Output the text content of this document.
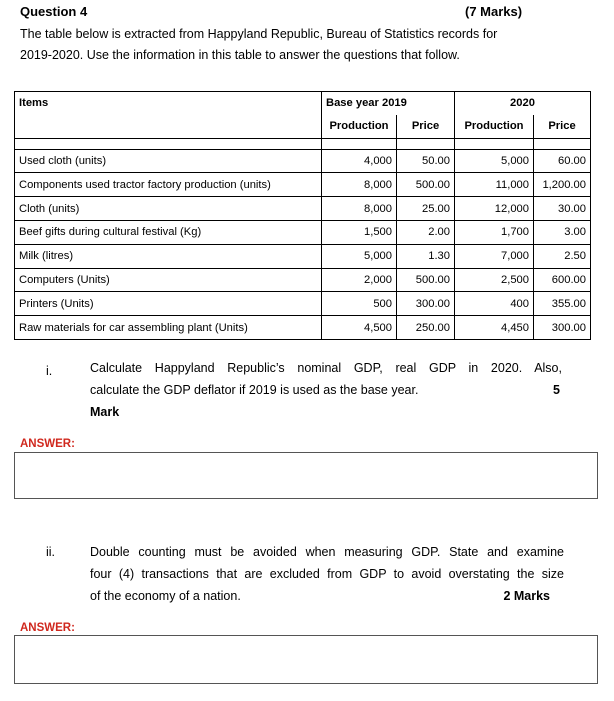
Question 4	(7 Marks)
The table below is extracted from Happyland Republic, Bureau of Statistics records for
2019-2020. Use the information in this table to answer the questions that follow.
Items	Base year 2019		2020	
	Production	Price	Production	Price

Used cloth (units)	4,000	50.00	5,000	60.00
Components used tractor factory production (units)	8,000	500.00	11,000	1,200.00
Cloth (units)	8,000	25.00	12,000	30.00
Beef gifts during cultural festival (Kg)	1,500	2.00	1,700	3.00
Milk (litres)	5,000	1.30	7,000	2.50
Computers (Units)	2,000	500.00	2,500	600.00
Printers (Units)	500	300.00	400	355.00
Raw materials for car assembling plant (Units)	4,500	250.00	4,450	300.00
i.	Calculate Happyland Republic’s nominal GDP, real GDP in 2020. Also,
calculate the GDP deflator if 2019 is used as the base year.	5
Mark
ANSWER:
ii.	Double counting must be avoided when measuring GDP. State and examine
four (4) transactions that are excluded from GDP to avoid overstating the size
of the economy of a nation.	2 Marks
ANSWER:
